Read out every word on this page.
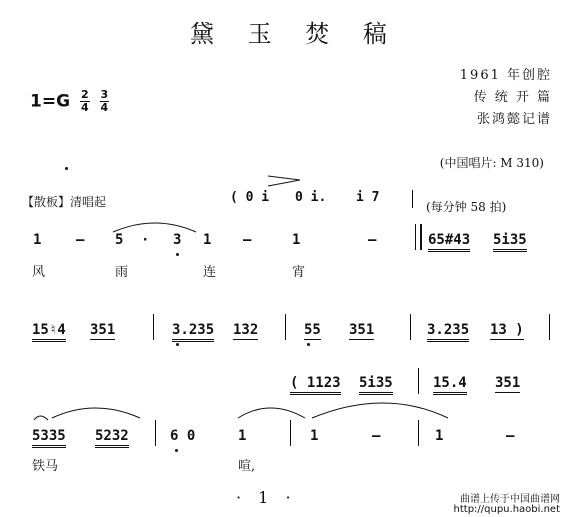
黛 玉 焚 稿
1961 年创腔
传 统 开 篇
张鸿懿记谱
$1=G \frac{2}{4}$
$\frac{3}{4}$
(中国唱片: M 310)
【散板】清唱起	(每分钟 58 拍)
( 0 i 0 i. i 7
1 – 5 · 3 1 –	1	–	65#43 5i35
风	雨	连	宵
15♮4 351	3.235 132	55 351	3.235 13 )
( 1123 5i35	15.4 351
5335 5232	6 0	1	1	–	1	–
铁马	喧,
· 1 ·	曲谱上传于中国曲谱网
http://qupu.haobi.net
